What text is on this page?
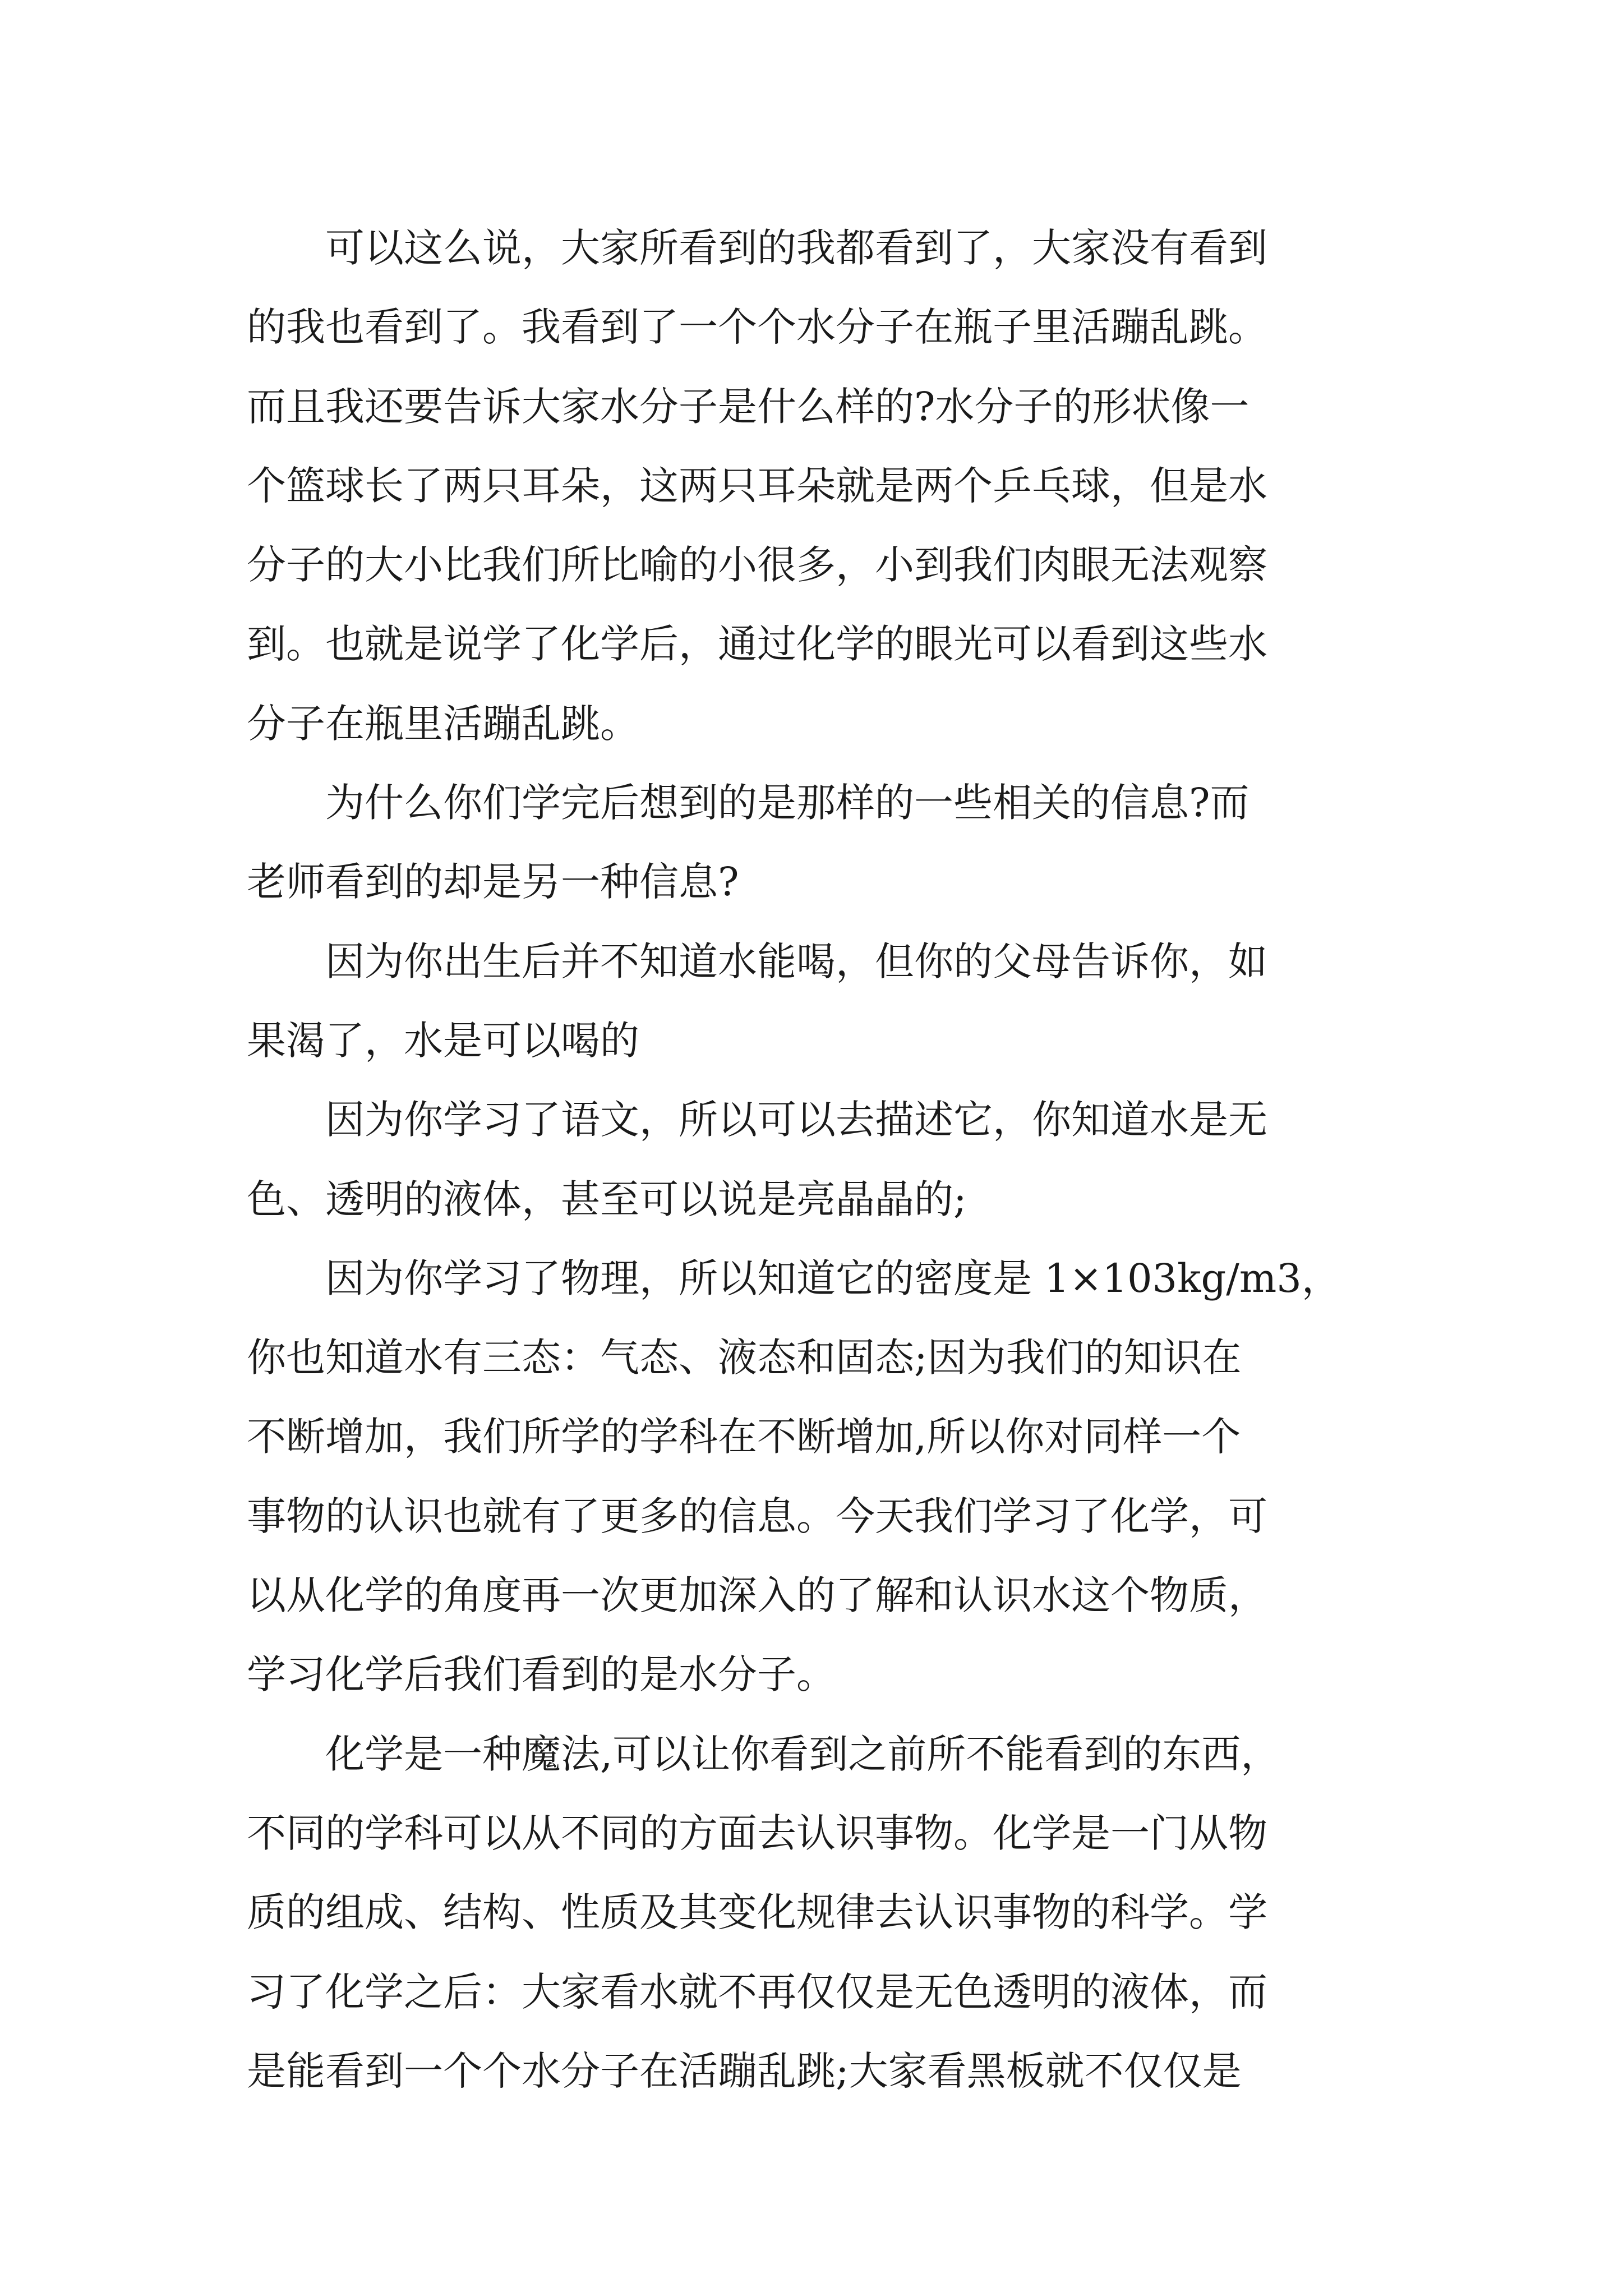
　　可以这么说，大家所看到的我都看到了，大家没有看到
的我也看到了。我看到了一个个水分子在瓶子里活蹦乱跳。
而且我还要告诉大家水分子是什么样的?水分子的形状像一
个篮球长了两只耳朵，这两只耳朵就是两个乒乓球，但是水
分子的大小比我们所比喻的小很多，小到我们肉眼无法观察
到。也就是说学了化学后，通过化学的眼光可以看到这些水
分子在瓶里活蹦乱跳。

　　为什么你们学完后想到的是那样的一些相关的信息?而
老师看到的却是另一种信息?

　　因为你出生后并不知道水能喝，但你的父母告诉你，如
果渴了，水是可以喝的

　　因为你学习了语文，所以可以去描述它，你知道水是无
色、透明的液体，甚至可以说是亮晶晶的;

　　因为你学习了物理，所以知道它的密度是 1×103kg/m3，
你也知道水有三态：气态、液态和固态;因为我们的知识在
不断增加，我们所学的学科在不断增加,所以你对同样一个
事物的认识也就有了更多的信息。今天我们学习了化学，可
以从化学的角度再一次更加深入的了解和认识水这个物质，
学习化学后我们看到的是水分子。

　　化学是一种魔法,可以让你看到之前所不能看到的东西，
不同的学科可以从不同的方面去认识事物。化学是一门从物
质的组成、结构、性质及其变化规律去认识事物的科学。学
习了化学之后：大家看水就不再仅仅是无色透明的液体，而
是能看到一个个水分子在活蹦乱跳;大家看黑板就不仅仅是
